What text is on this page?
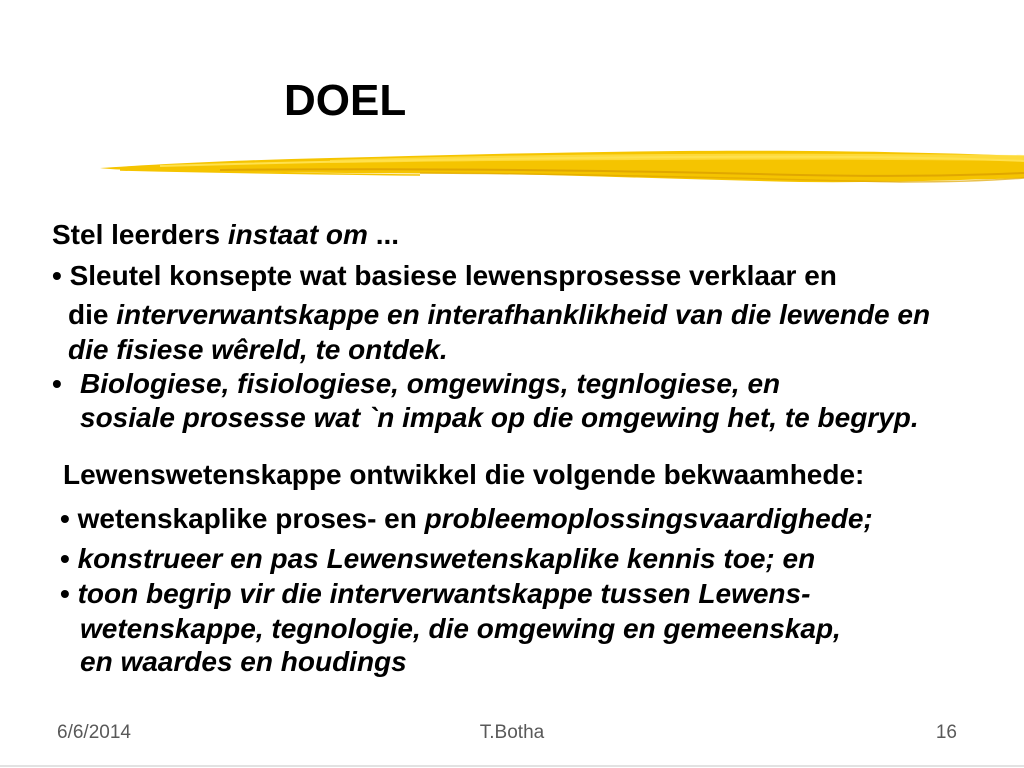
DOEL
Stel leerders instaat om ...
• Sleutel konsepte wat basiese lewensprosesse verklaar en
die interverwantskappe en interafhanklikheid van die lewende en
die fisiese wêreld, te ontdek.
• Biologiese, fisiologiese, omgewings, tegnlogiese, en
sosiale prosesse wat `n impak op die omgewing het, te begryp.
Lewenswetenskappe ontwikkel die volgende bekwaamhede:
• wetenskaplike proses- en probleemoplossingsvaardighede;
• konstrueer en pas Lewenswetenskaplike kennis toe; en
• toon begrip vir die interverwantskappe tussen Lewens-
wetenskappe, tegnologie, die omgewing en gemeenskap,
en waardes en houdings
6/6/2014	T.Botha	16
